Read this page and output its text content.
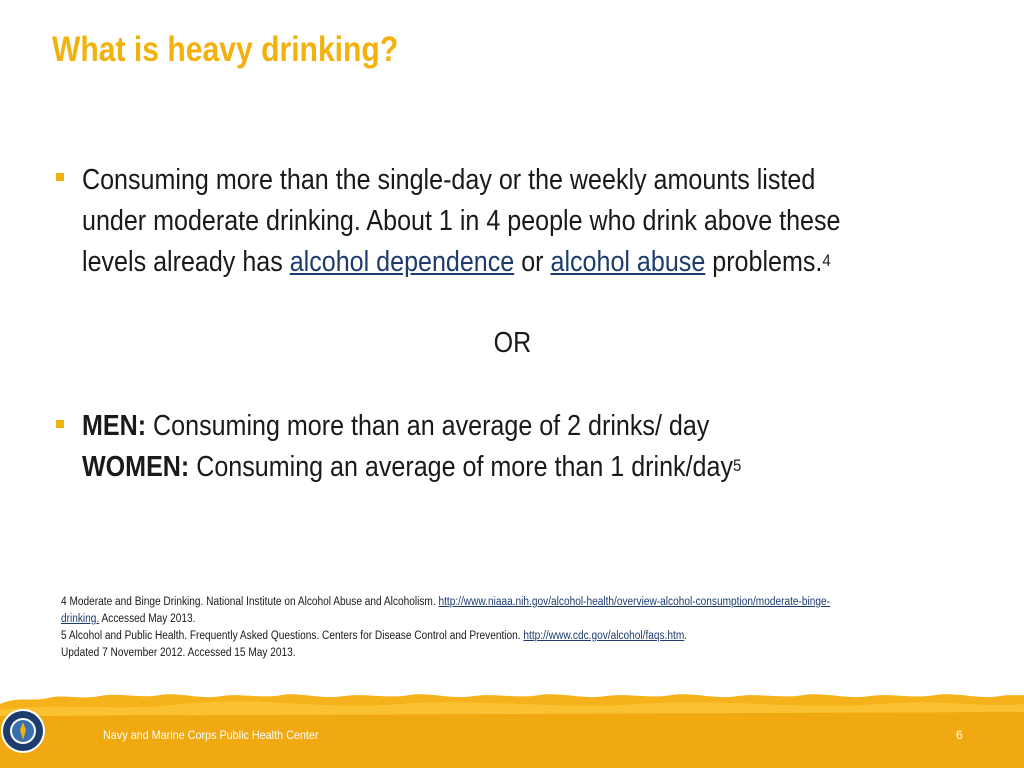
What is heavy drinking?
Consuming more than the single-day or the weekly amounts listed
under moderate drinking. About 1 in 4 people who drink above these
levels already has alcohol dependence or alcohol abuse problems.$^4$
OR
MEN: Consuming more than an average of 2 drinks/ day
WOMEN: Consuming an average of more than 1 drink/day$^5$
4 Moderate and Binge Drinking. National Institute on Alcohol Abuse and Alcoholism. http://www.niaaa.nih.gov/alcohol-health/overview-alcohol-consumption/moderate-binge-
drinking. Accessed May 2013.
5 Alcohol and Public Health. Frequently Asked Questions. Centers for Disease Control and Prevention. http://www.cdc.gov/alcohol/faqs.htm.
Updated 7 November 2012. Accessed 15 May 2013.
Navy and Marine Corps Public Health Center	6
